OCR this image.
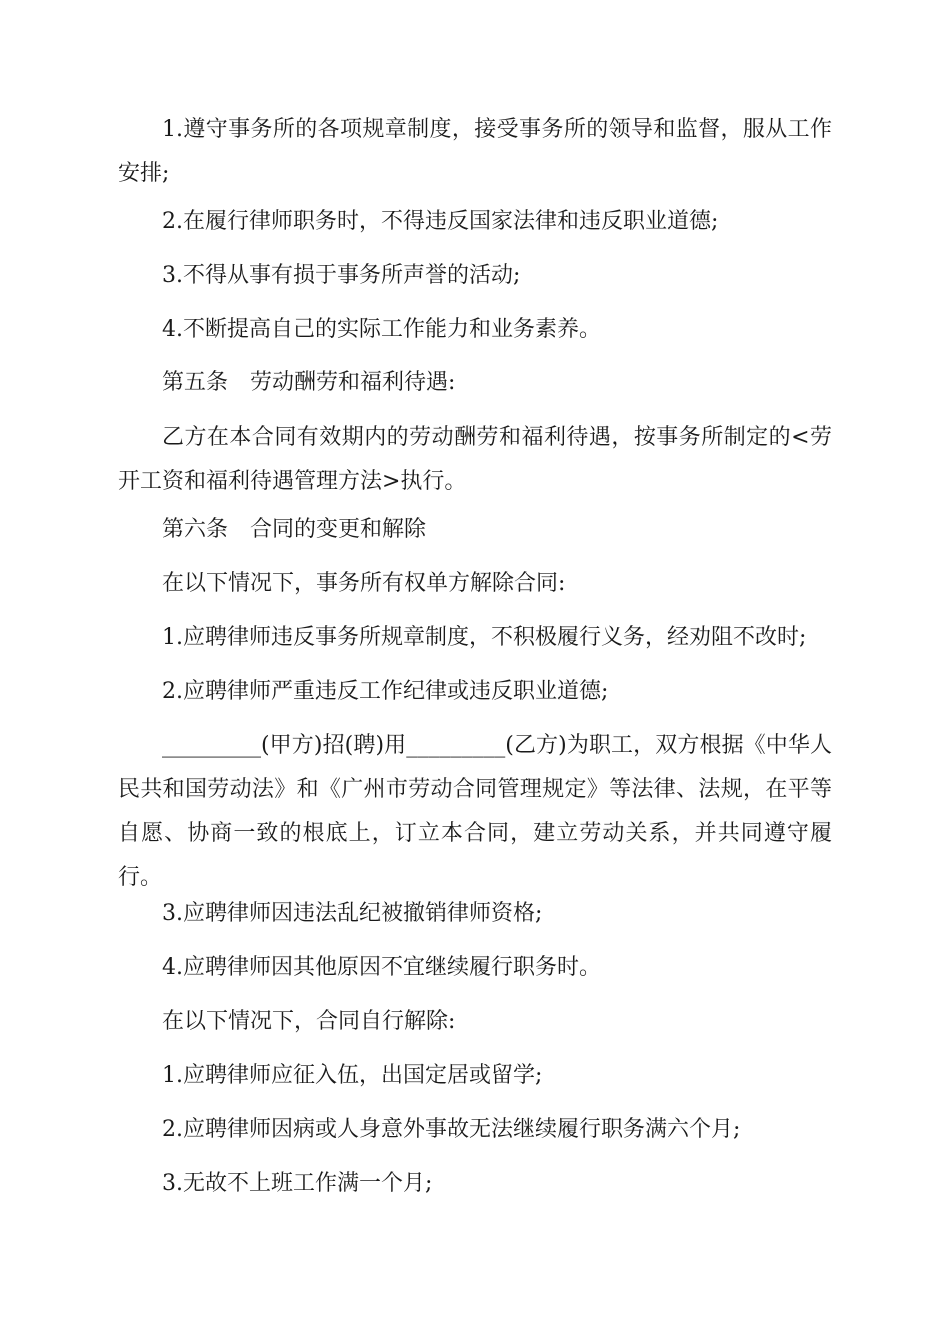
1.遵守事务所的各项规章制度，接受事务所的领导和监督，服从工作安排;

2.在履行律师职务时，不得违反国家法律和违反职业道德;

3.不得从事有损于事务所声誉的活动;

4.不断提高自己的实际工作能力和业务素养。

第五条　劳动酬劳和福利待遇:

乙方在本合同有效期内的劳动酬劳和福利待遇，按事务所制定的<劳开工资和福利待遇管理方法>执行。

第六条　合同的变更和解除

在以下情况下，事务所有权单方解除合同:

1.应聘律师违反事务所规章制度，不积极履行义务，经劝阻不改时;

2.应聘律师严重违反工作纪律或违反职业道德;

_________(甲方)招(聘)用_________(乙方)为职工，双方根据《中华人民共和国劳动法》和《广州市劳动合同管理规定》等法律、法规，在平等自愿、协商一致的根底上，订立本合同，建立劳动关系，并共同遵守履行。

3.应聘律师因违法乱纪被撤销律师资格;

4.应聘律师因其他原因不宜继续履行职务时。

在以下情况下，合同自行解除:

1.应聘律师应征入伍，出国定居或留学;

2.应聘律师因病或人身意外事故无法继续履行职务满六个月;

3.无故不上班工作满一个月;
